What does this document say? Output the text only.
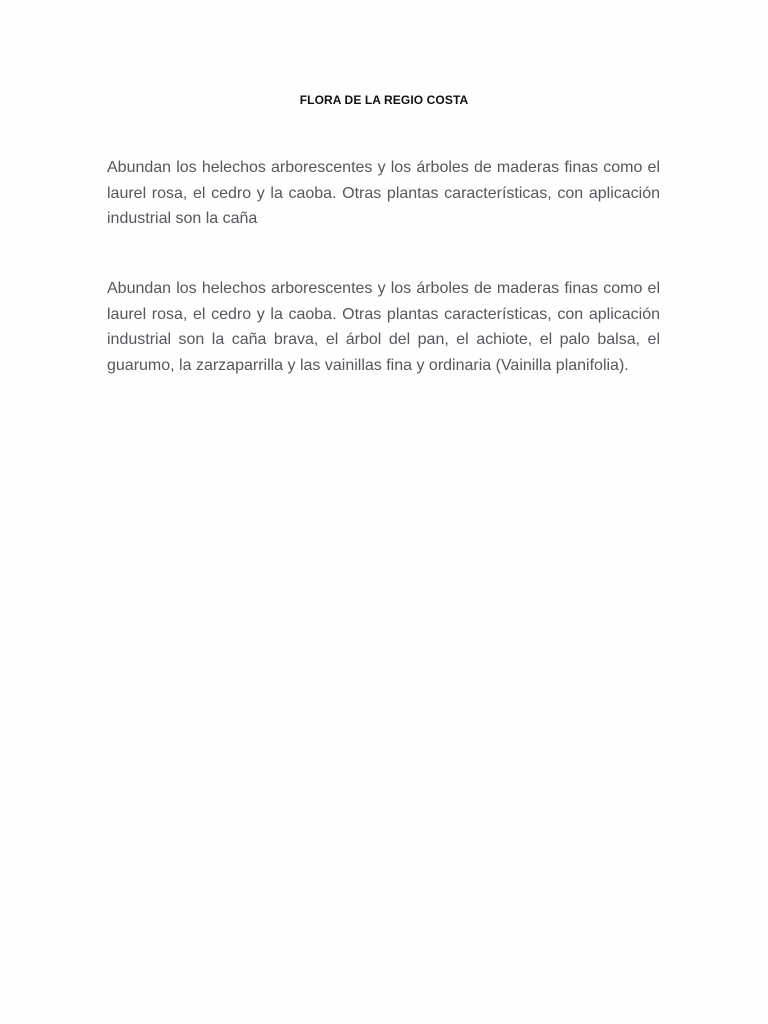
FLORA DE LA REGIO COSTA

Abundan los helechos arborescentes y los árboles de maderas finas como el laurel rosa, el cedro y la caoba. Otras plantas características, con aplicación industrial son la caña

Abundan los helechos arborescentes y los árboles de maderas finas como el laurel rosa, el cedro y la caoba. Otras plantas características, con aplicación industrial son la caña brava, el árbol del pan, el achiote, el palo balsa, el guarumo, la zarzaparrilla y las vainillas fina y ordinaria (Vainilla planifolia).
